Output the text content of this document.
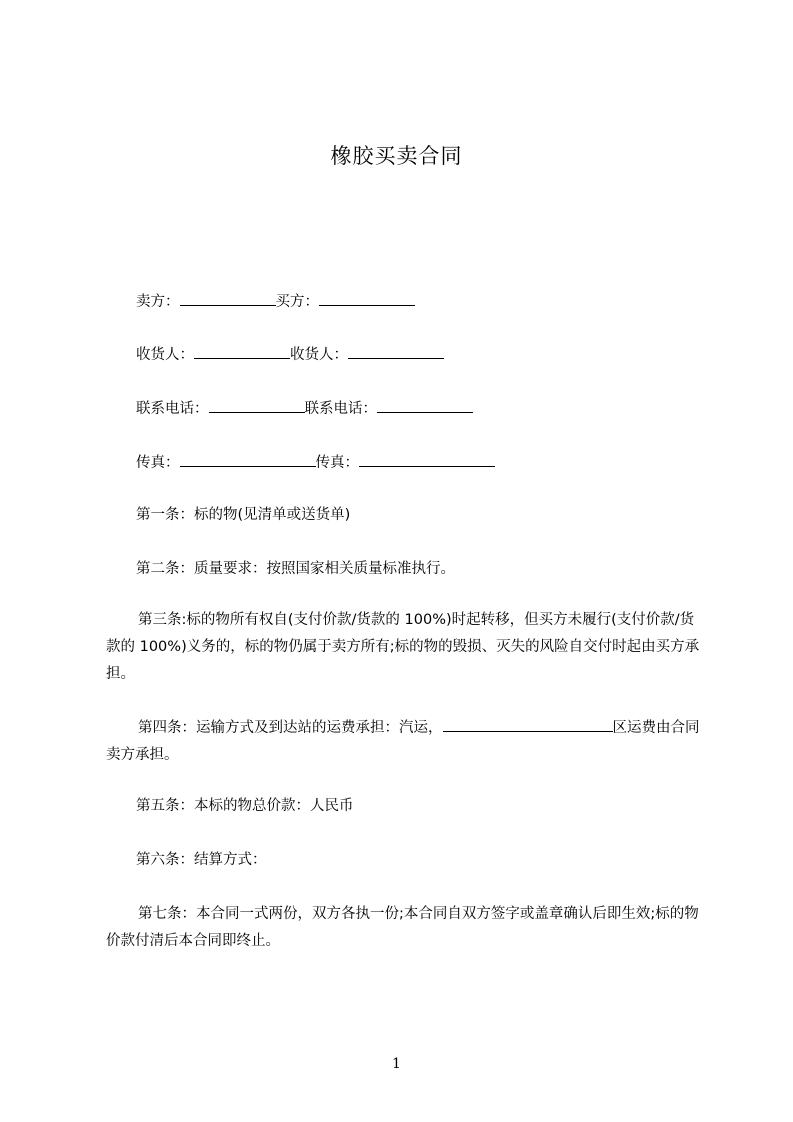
橡胶买卖合同
卖方：	买方：
收货人：	收货人：
联系电话：	联系电话：
传真：	传真：
第一条：标的物(见清单或送货单)
第二条：质量要求：按照国家相关质量标准执行。
第三条:标的物所有权自(支付价款/货款的 100%)时起转移，但买方未履行(支付价款/货款的 100%)义务的，标的物仍属于卖方所有;标的物的毁损、灭失的风险自交付时起由买方承担。
第四条：运输方式及到达站的运费承担：汽运，	区运费由合同卖方承担。
第五条：本标的物总价款：人民币
第六条：结算方式：
第七条：本合同一式两份，双方各执一份;本合同自双方签字或盖章确认后即生效;标的物价款付清后本合同即终止。
1
